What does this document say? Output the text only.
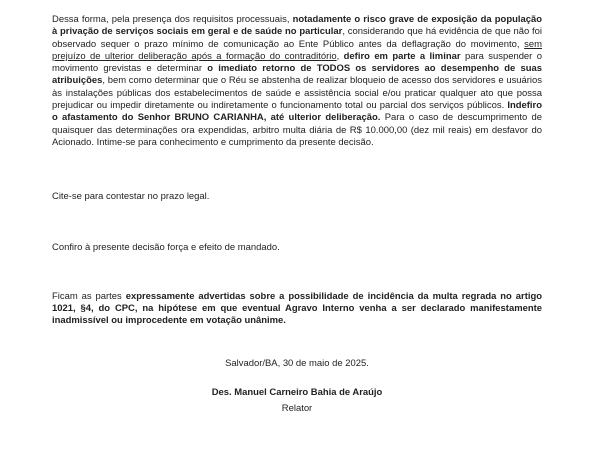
Dessa forma, pela presença dos requisitos processuais, notadamente o risco grave de exposição da população à privação de serviços sociais em geral e de saúde no particular, considerando que há evidência de que não foi observado sequer o prazo mínimo de comunicação ao Ente Público antes da deflagração do movimento, sem prejuízo de ulterior deliberação após a formação do contraditório, defiro em parte a liminar para suspender o movimento grevistas e determinar o imediato retorno de TODOS os servidores ao desempenho de suas atribuições, bem como determinar que o Réu se abstenha de realizar bloqueio de acesso dos servidores e usuários às instalações públicas dos estabelecimentos de saúde e assistência social e/ou praticar qualquer ato que possa prejudicar ou impedir diretamente ou indiretamente o funcionamento total ou parcial dos serviços públicos. Indefiro o afastamento do Senhor BRUNO CARIANHA, até ulterior deliberação. Para o caso de descumprimento de quaisquer das determinações ora expendidas, arbitro multa diária de R$ 10.000,00 (dez mil reais) em desfavor do Acionado. Intime-se para conhecimento e cumprimento da presente decisão.

Cite-se para contestar no prazo legal.

Confiro à presente decisão força e efeito de mandado.

Ficam as partes expressamente advertidas sobre a possibilidade de incidência da multa regrada no artigo 1021, §4, do CPC, na hipótese em que eventual Agravo Interno venha a ser declarado manifestamente inadmissível ou improcedente em votação unânime.

Salvador/BA, 30 de maio de 2025.

Des. Manuel Carneiro Bahia de Araújo

Relator
